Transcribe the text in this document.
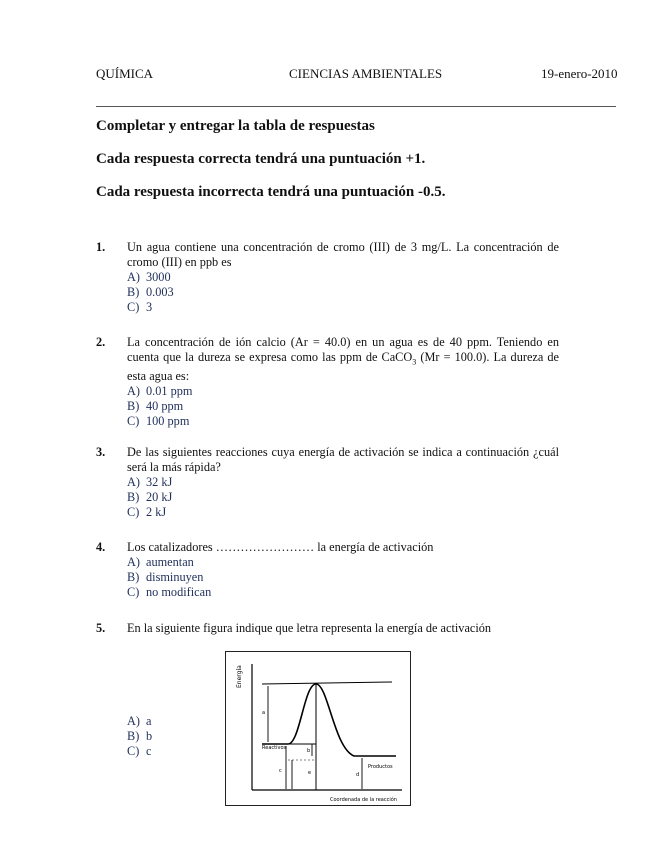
QUÍMICA	CIENCIAS AMBIENTALES	19-enero-2010
Completar y entregar la tabla de respuestas
Cada respuesta correcta tendrá una puntuación +1.
Cada respuesta incorrecta tendrá una puntuación -0.5.
1. Un agua contiene una concentración de cromo (III) de 3 mg/L. La concentración de cromo (III) en ppb es
A) 3000
B) 0.003
C) 3
2. La concentración de ión calcio (Ar = 40.0) en un agua es de 40 ppm. Teniendo en cuenta que la dureza se expresa como las ppm de CaCO$_3$ (Mr = 100.0). La dureza de esta agua es:
A) 0.01 ppm
B) 40 ppm
C) 100 ppm
3. De las siguientes reacciones cuya energía de activación se indica a continuación ¿cuál será la más rápida?
A) 32 kJ
B) 20 kJ
C) 2 kJ
4. Los catalizadores …………………… la energía de activación
A) aumentan
B) disminuyen
C) no modifican
5. En la siguiente figura indique que letra representa la energía de activación
A) a
B) b
C) c
Energía
Coordenada de la reacción
a
b
c
d
e
Reactivos
Productos
